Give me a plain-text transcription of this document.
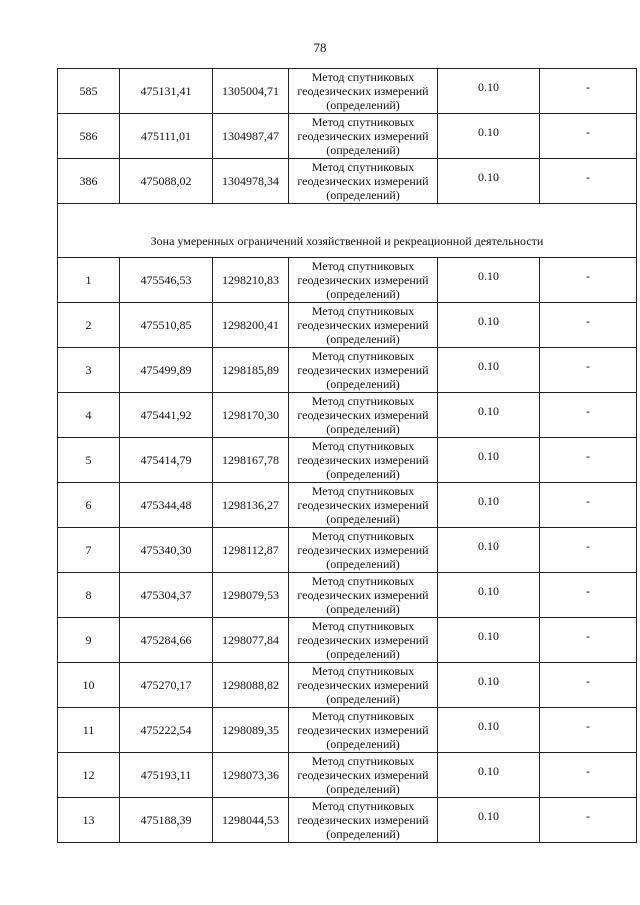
78
585	475131,41	1305004,71	Метод спутниковых
геодезических измерений
(определений)	0.10	-
586	475111,01	1304987,47	Метод спутниковых
геодезических измерений
(определений)	0.10	-
386	475088,02	1304978,34	Метод спутниковых
геодезических измерений
(определений)	0.10	-
Зона умеренных ограничений хозяйственной и рекреационной деятельности					
1	475546,53	1298210,83	Метод спутниковых
геодезических измерений
(определений)	0.10	-
2	475510,85	1298200,41	Метод спутниковых
геодезических измерений
(определений)	0.10	-
3	475499,89	1298185,89	Метод спутниковых
геодезических измерений
(определений)	0.10	-
4	475441,92	1298170,30	Метод спутниковых
геодезических измерений
(определений)	0.10	-
5	475414,79	1298167,78	Метод спутниковых
геодезических измерений
(определений)	0.10	-
6	475344,48	1298136,27	Метод спутниковых
геодезических измерений
(определений)	0.10	-
7	475340,30	1298112,87	Метод спутниковых
геодезических измерений
(определений)	0.10	-
8	475304,37	1298079,53	Метод спутниковых
геодезических измерений
(определений)	0.10	-
9	475284,66	1298077,84	Метод спутниковых
геодезических измерений
(определений)	0.10	-
10	475270,17	1298088,82	Метод спутниковых
геодезических измерений
(определений)	0.10	-
11	475222,54	1298089,35	Метод спутниковых
геодезических измерений
(определений)	0.10	-
12	475193,11	1298073,36	Метод спутниковых
геодезических измерений
(определений)	0.10	-
13	475188,39	1298044,53	Метод спутниковых
геодезических измерений
(определений)	0.10	-
